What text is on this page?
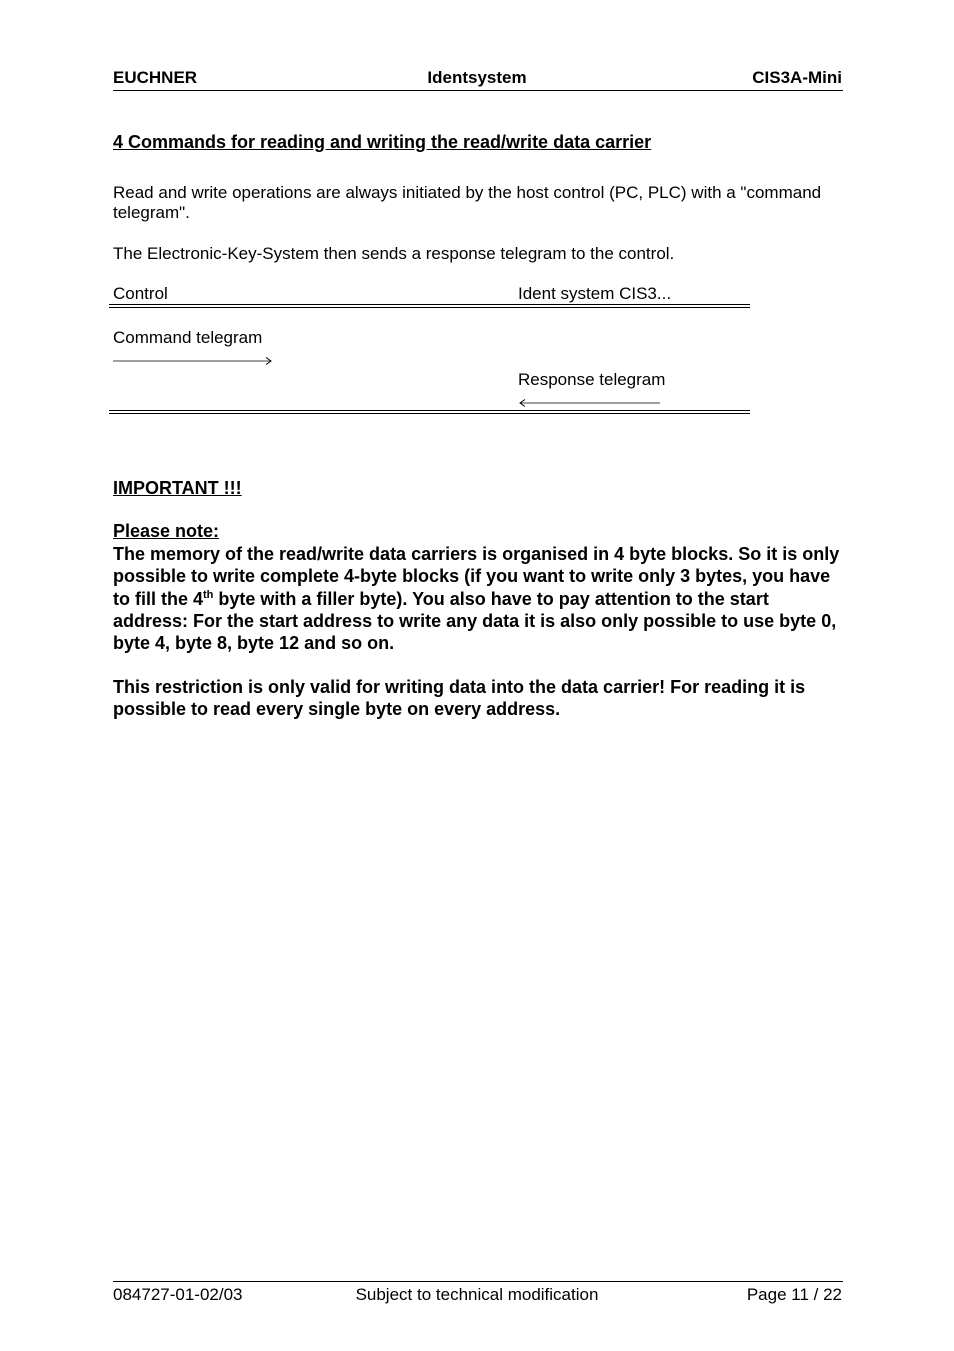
EUCHNER	Identsystem	CIS3A-Mini
4 Commands for reading and writing the read/write data carrier
Read and write operations are always initiated by the host control (PC, PLC) with a "command telegram".
The Electronic-Key-System then sends a response telegram to the control.
Control	Ident system CIS3...
Command telegram
Response telegram
IMPORTANT !!!
Please note:
The memory of the read/write data carriers is organised in 4 byte blocks. So it is only possible to write complete 4-byte blocks (if you want to write only 3 bytes, you have to fill the 4th byte with a filler byte). You also have to pay attention to the start address: For the start address to write any data it is also only possible to use byte 0, byte 4, byte 8, byte 12 and so on.
This restriction is only valid for writing data into the data carrier! For reading it is possible to read every single byte on every address.
084727-01-02/03	Subject to technical modification	Page 11 / 22
